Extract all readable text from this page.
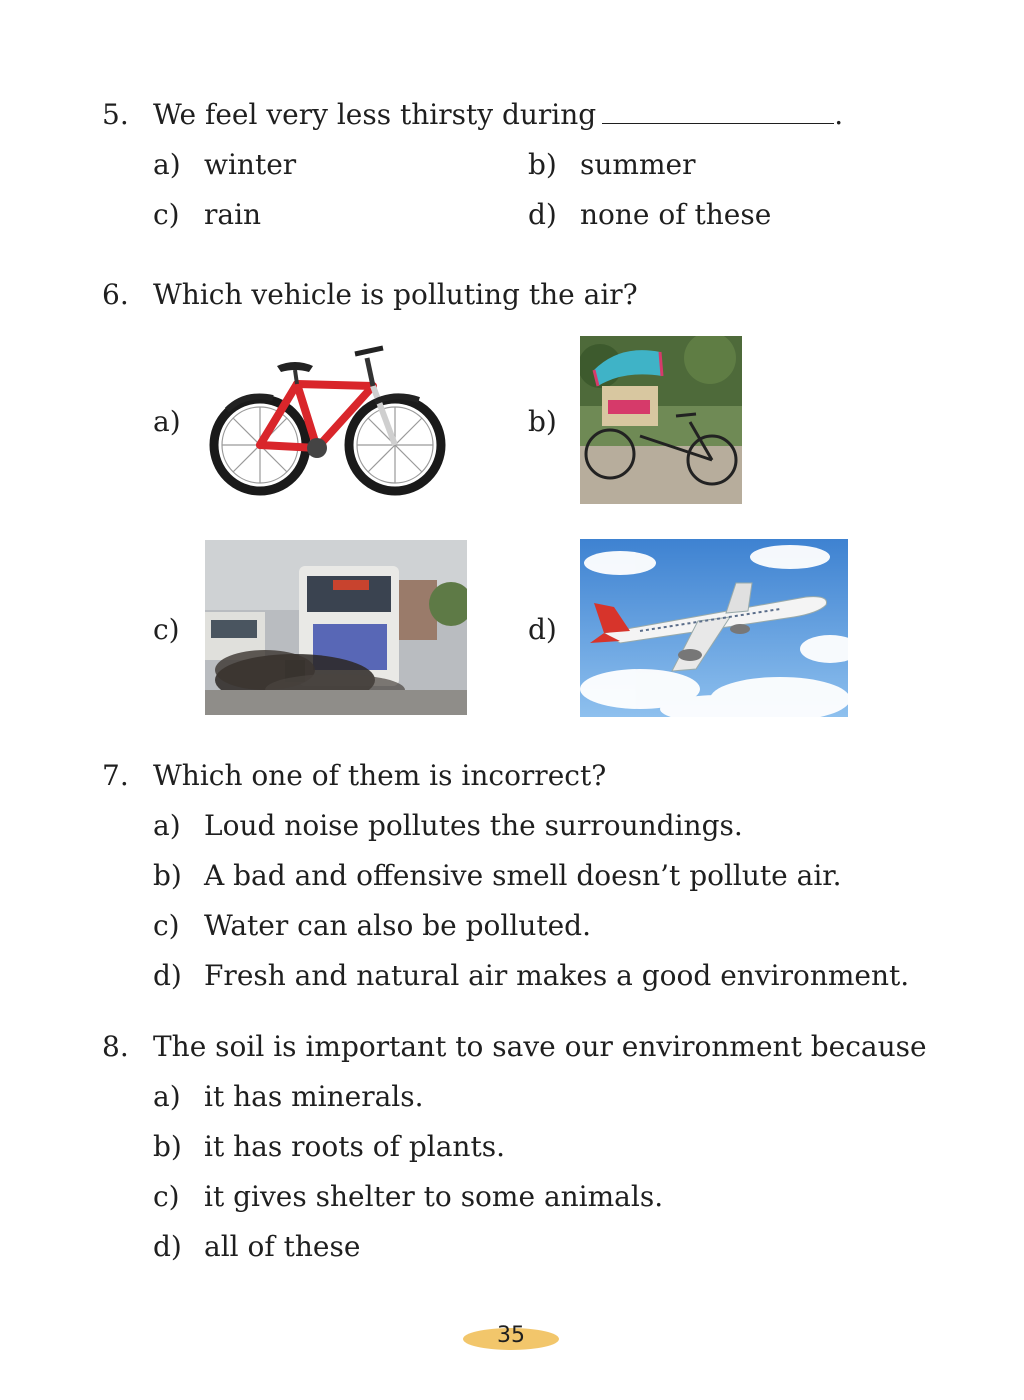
5. We feel very less thirsty during	.
a) winter	b) summer
c) rain	d) none of these
6. Which vehicle is polluting the air?
a)	b)
c)	d)
7. Which one of them is incorrect?
a) Loud noise pollutes the surroundings.
b) A bad and offensive smell doesn’t pollute air.
c) Water can also be polluted.
d) Fresh and natural air makes a good environment.
8. The soil is important to save our environment because
a) it has minerals.
b) it has roots of plants.
c) it gives shelter to some animals.
d) all of these
35
